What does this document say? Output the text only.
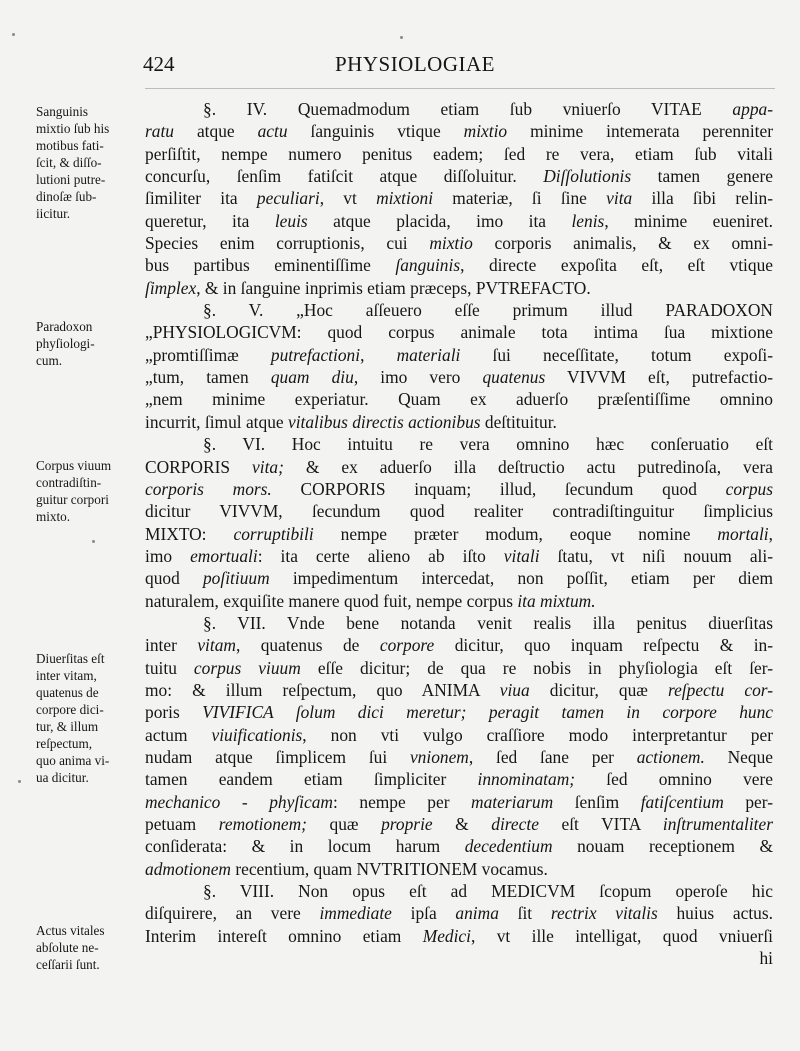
424	PHYSIOLOGIAE
Sanguinis
mixtio ſub his
motibus fati-
ſcit, & diſſo-
lutioni putre-
dinoſæ ſub-
iicitur.
Paradoxon
phyſiologi-
cum.
Corpus viuum
contradiſtin-
guitur corpori
mixto.
Diuerſitas eſt
inter vitam,
quatenus de
corpore dici-
tur, & illum
reſpectum,
quo anima vi-
ua dicitur.
Actus vitales
abſolute ne-
ceſſarii ſunt.
§. IV. Quemadmodum etiam ſub vniuerſo VITAE appa-
ratu atque actu ſanguinis vtique mixtio minime intemerata perenniter
perſiſtit, nempe numero penitus eadem; ſed re vera, etiam ſub vitali
concurſu, ſenſim fatiſcit atque diſſoluitur. Diſſolutionis tamen genere
ſimiliter ita peculiari, vt mixtioni materiæ, ſi ſine vita illa ſibi relin-
queretur, ita leuis atque placida, imo ita lenis, minime eueniret.
Species enim corruptionis, cui mixtio corporis animalis, & ex omni-
bus partibus eminentiſſime ſanguinis, directe expoſita eſt, eſt vtique
ſimplex, & in ſanguine inprimis etiam præceps, PVTREFACTO.
§. V. „Hoc aſſeuero eſſe primum illud PARADOXON
„PHYSIOLOGICVM: quod corpus animale tota intima ſua mixtione
„promtiſſimæ putrefactioni, materiali ſui neceſſitate, totum expoſi-
„tum, tamen quam diu, imo vero quatenus VIVVM eſt, putrefactio-
„nem minime experiatur. Quam ex aduerſo præſentiſſime omnino
incurrit, ſimul atque vitalibus directis actionibus deſtituitur.
§. VI. Hoc intuitu re vera omnino hæc conſeruatio eſt
CORPORIS vita; & ex aduerſo illa deſtructio actu putredinoſa, vera
corporis mors. CORPORIS inquam; illud, ſecundum quod corpus
dicitur VIVVM, ſecundum quod realiter contradiſtinguitur ſimplicius
MIXTO: corruptibili nempe præter modum, eoque nomine mortali,
imo emortuali: ita certe alieno ab iſto vitali ſtatu, vt niſi nouum ali-
quod poſitiuum impedimentum intercedat, non poſſit, etiam per diem
naturalem, exquiſite manere quod fuit, nempe corpus ita mixtum.
§. VII. Vnde bene notanda venit realis illa penitus diuerſitas
inter vitam, quatenus de corpore dicitur, quo inquam reſpectu & in-
tuitu corpus viuum eſſe dicitur; de qua re nobis in phyſiologia eſt ſer-
mo: & illum reſpectum, quo ANIMA viua dicitur, quæ reſpectu cor-
poris VIVIFICA ſolum dici meretur; peragit tamen in corpore hunc
actum viuificationis, non vti vulgo craſſiore modo interpretantur per
nudam atque ſimplicem ſui vnionem, ſed ſane per actionem. Neque
tamen eandem etiam ſimpliciter innominatam; ſed omnino vere
mechanico - phyſicam: nempe per materiarum ſenſim fatiſcentium per-
petuam remotionem; quæ proprie & directe eſt VITA inſtrumentaliter
conſiderata: & in locum harum decedentium nouam receptionem &
admotionem recentium, quam NVTRITIONEM vocamus.
§. VIII. Non opus eſt ad MEDICVM ſcopum operoſe hic
diſquirere, an vere immediate ipſa anima ſit rectrix vitalis huius actus.
Interim intereſt omnino etiam Medici, vt ille intelligat, quod vniuerſi
hi
